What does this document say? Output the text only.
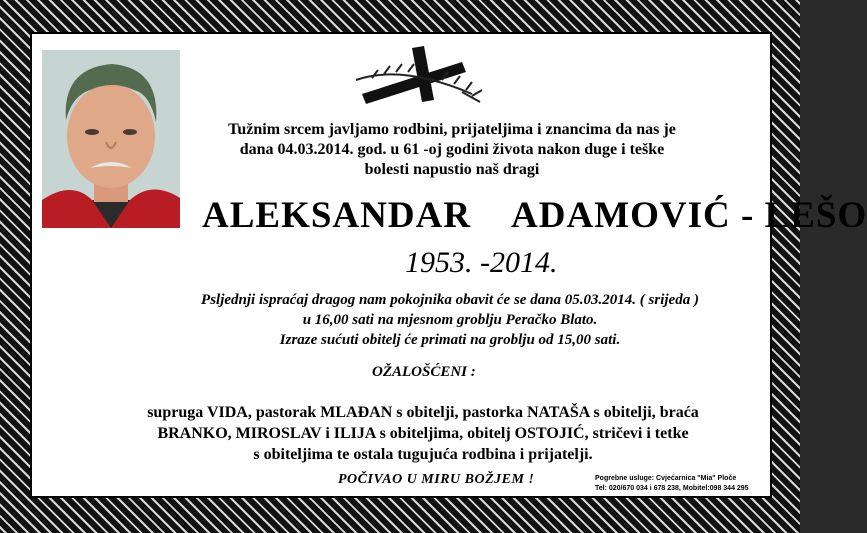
Tužnim srcem javljamo rodbini, prijateljima i znancima da nas je
dana 04.03.2014. god. u 61 -oj godini života nakon duge i teške
bolesti napustio naš dragi
ALEKSANDAR ADAMOVIĆ - LEŠO
1953. -2014.
Psljednji ispraćaj dragog nam pokojnika obavit će se dana 05.03.2014. ( srijeda )
u 16,00 sati na mjesnom groblju Peračko Blato.
Izraze sućuti obitelj će primati na groblju od 15,00 sati.
OŽALOŠĆENI :
supruga VIDA, pastorak MLAĐAN s obitelji, pastorka NATAŠA s obitelji, braća
BRANKO, MIROSLAV i ILIJA s obiteljima, obitelj OSTOJIĆ, stričevi i tetke
s obiteljima te ostala tugujuća rodbina i prijatelji.
POČIVAO U MIRU BOŽJEM !	Pogrebne usluge: Cvjećarnica "Mia" Ploče
Tel: 020/670 034 i 678 238, Mobitel:098 344 295
